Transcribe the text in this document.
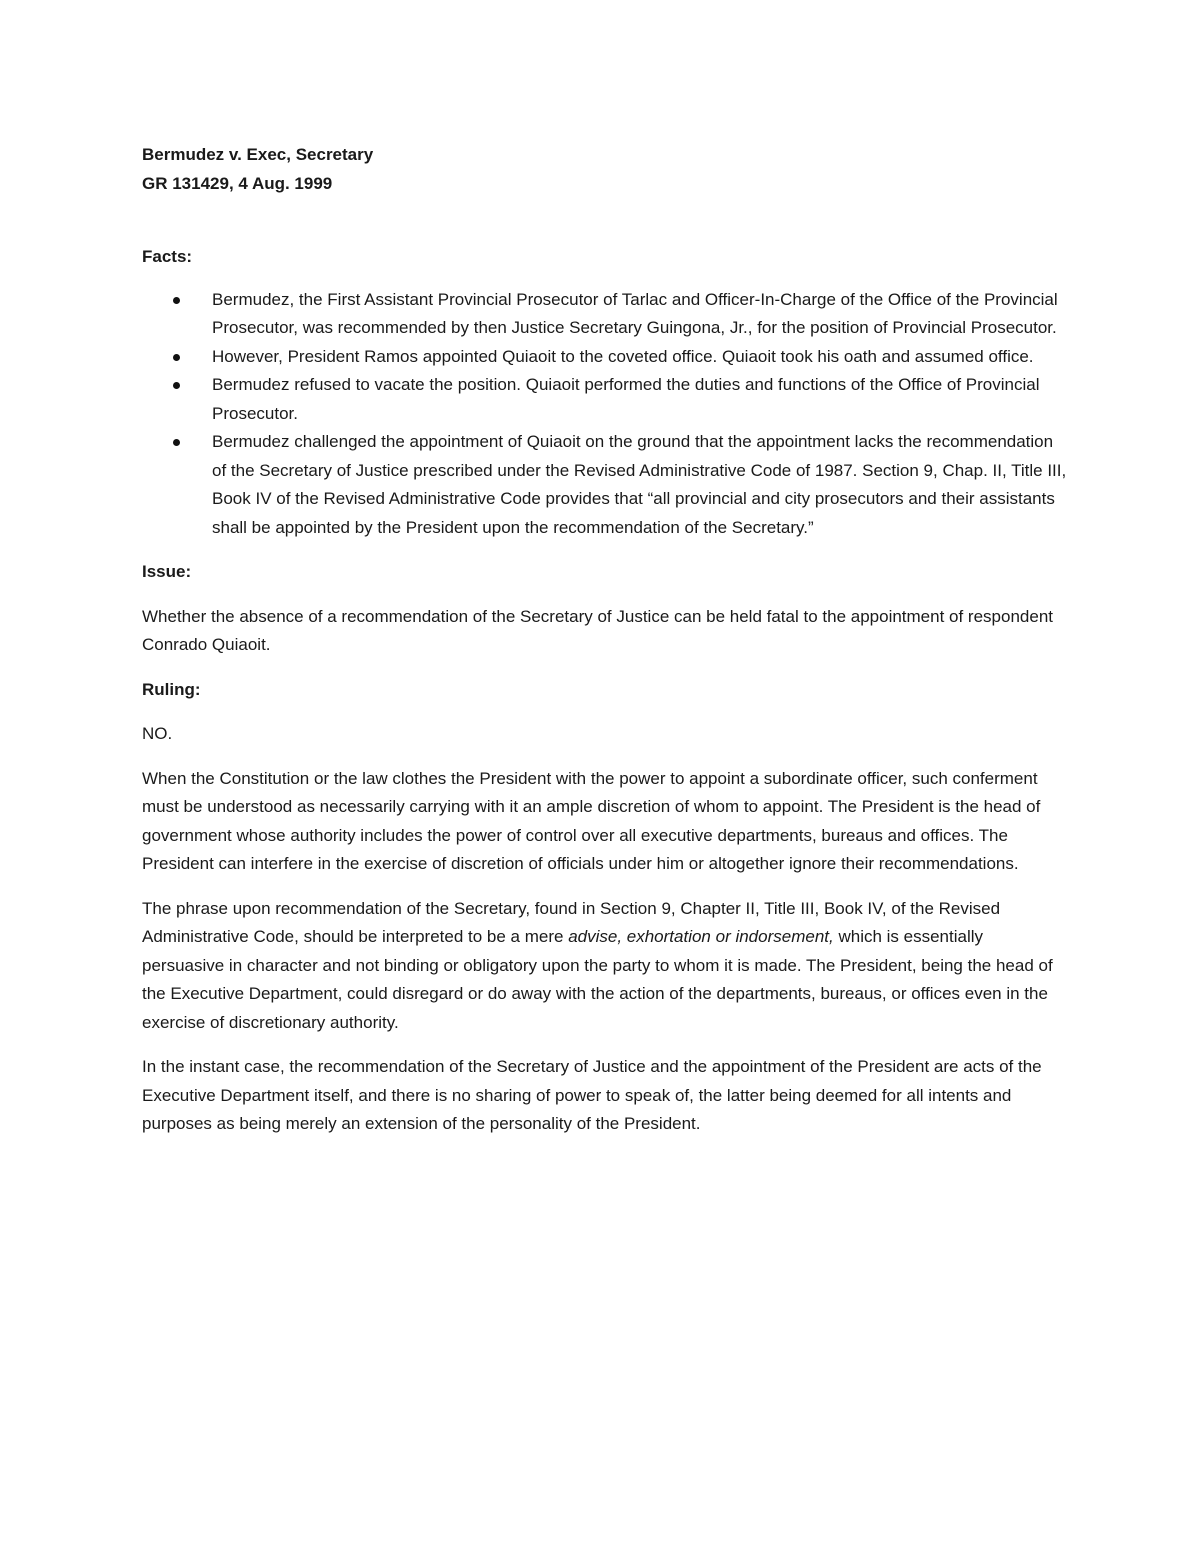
Bermudez v. Exec, Secretary

GR 131429, 4 Aug. 1999

Facts:

Bermudez, the First Assistant Provincial Prosecutor of Tarlac and Officer-In-Charge of the Office of the Provincial Prosecutor, was recommended by then Justice Secretary Guingona, Jr., for the position of Provincial Prosecutor.
However, President Ramos appointed Quiaoit to the coveted office. Quiaoit took his oath and assumed office.
Bermudez refused to vacate the position. Quiaoit performed the duties and functions of the Office of Provincial Prosecutor.
Bermudez challenged the appointment of Quiaoit on the ground that the appointment lacks the recommendation of the Secretary of Justice prescribed under the Revised Administrative Code of 1987. Section 9, Chap. II, Title III, Book IV of the Revised Administrative Code provides that “all provincial and city prosecutors and their assistants shall be appointed by the President upon the recommendation of the Secretary.”

Issue:

Whether the absence of a recommendation of the Secretary of Justice can be held fatal to the appointment of respondent Conrado Quiaoit.

Ruling:

NO.

When the Constitution or the law clothes the President with the power to appoint a subordinate officer, such conferment must be understood as necessarily carrying with it an ample discretion of whom to appoint. The President is the head of government whose authority includes the power of control over all executive departments, bureaus and offices. The President can interfere in the exercise of discretion of officials under him or altogether ignore their recommendations.

The phrase upon recommendation of the Secretary, found in Section 9, Chapter II, Title III, Book IV, of the Revised Administrative Code, should be interpreted to be a mere advise, exhortation or indorsement, which is essentially persuasive in character and not binding or obligatory upon the party to whom it is made. The President, being the head of the Executive Department, could disregard or do away with the action of the departments, bureaus, or offices even in the exercise of discretionary authority.

In the instant case, the recommendation of the Secretary of Justice and the appointment of the President are acts of the Executive Department itself, and there is no sharing of power to speak of, the latter being deemed for all intents and purposes as being merely an extension of the personality of the President.
